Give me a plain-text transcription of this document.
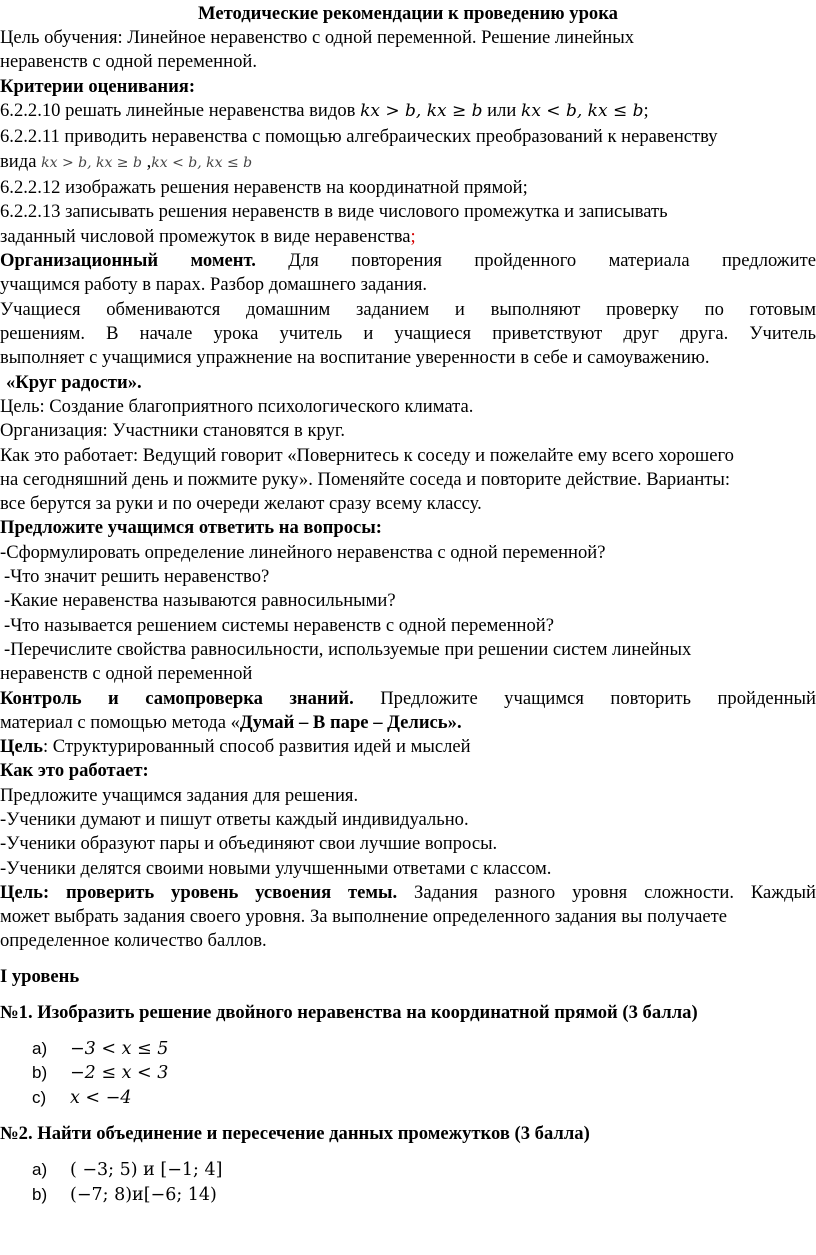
Методические рекомендации к проведению урока
Цель обучения: Линейное неравенство с одной переменной. Решение линейных
неравенств с одной переменной.
Критерии оценивания:
6.2.2.10 решать линейные неравенства видов kx > b, kx ≥ b или kx < b, kx ≤ b;
6.2.2.11 приводить неравенства с помощью алгебраических преобразований к неравенству
вида kx > b, kx ≥ b ,kx < b, kx ≤ b
6.2.2.12 изображать решения неравенств на координатной прямой;
6.2.2.13 записывать решения неравенств в виде числового промежутка и записывать
заданный числовой промежуток в виде неравенства;
Организационный момент. Для повторения пройденного материала предложите
учащимся работу в парах. Разбор домашнего задания.
Учащиеся обмениваются домашним заданием и выполняют проверку по готовым
решениям. В начале урока учитель и учащиеся приветствуют друг друга. Учитель
выполняет с учащимися упражнение на воспитание уверенности в себе и самоуважению.
«Круг радости».
Цель: Создание благоприятного психологического климата.
Организация: Участники становятся в круг.
Как это работает: Ведущий говорит «Повернитесь к соседу и пожелайте ему всего хорошего
на сегодняшний день и пожмите руку». Поменяйте соседа и повторите действие. Варианты:
все берутся за руки и по очереди желают сразу всему классу.
Предложите учащимся ответить на вопросы:
-Сформулировать определение линейного неравенства с одной переменной?
-Что значит решить неравенство?
-Какие неравенства называются равносильными?
-Что называется решением системы неравенств с одной переменной?
-Перечислите свойства равносильности, используемые при решении систем линейных
неравенств с одной переменной
Контроль и самопроверка знаний. Предложите учащимся повторить пройденный
материал с помощью метода «Думай – В паре – Делись».
Цель: Структурированный способ развития идей и мыслей
Как это работает:
Предложите учащимся задания для решения.
-Ученики думают и пишут ответы каждый индивидуально.
-Ученики образуют пары и объединяют свои лучшие вопросы.
-Ученики делятся своими новыми улучшенными ответами с классом.
Цель: проверить уровень усвоения темы. Задания разного уровня сложности. Каждый
может выбрать задания своего уровня. За выполнение определенного задания вы получаете
определенное количество баллов.
I уровень
№1. Изобразить решение двойного неравенства на координатной прямой (3 балла)
a) −3 < x ≤ 5
b) −2 ≤ x < 3
c) x < −4
№2. Найти объединение и пересечение данных промежутков (3 балла)
a) ( −3; 5) и [−1; 4]
b) (−7; 8)и[−6; 14)
